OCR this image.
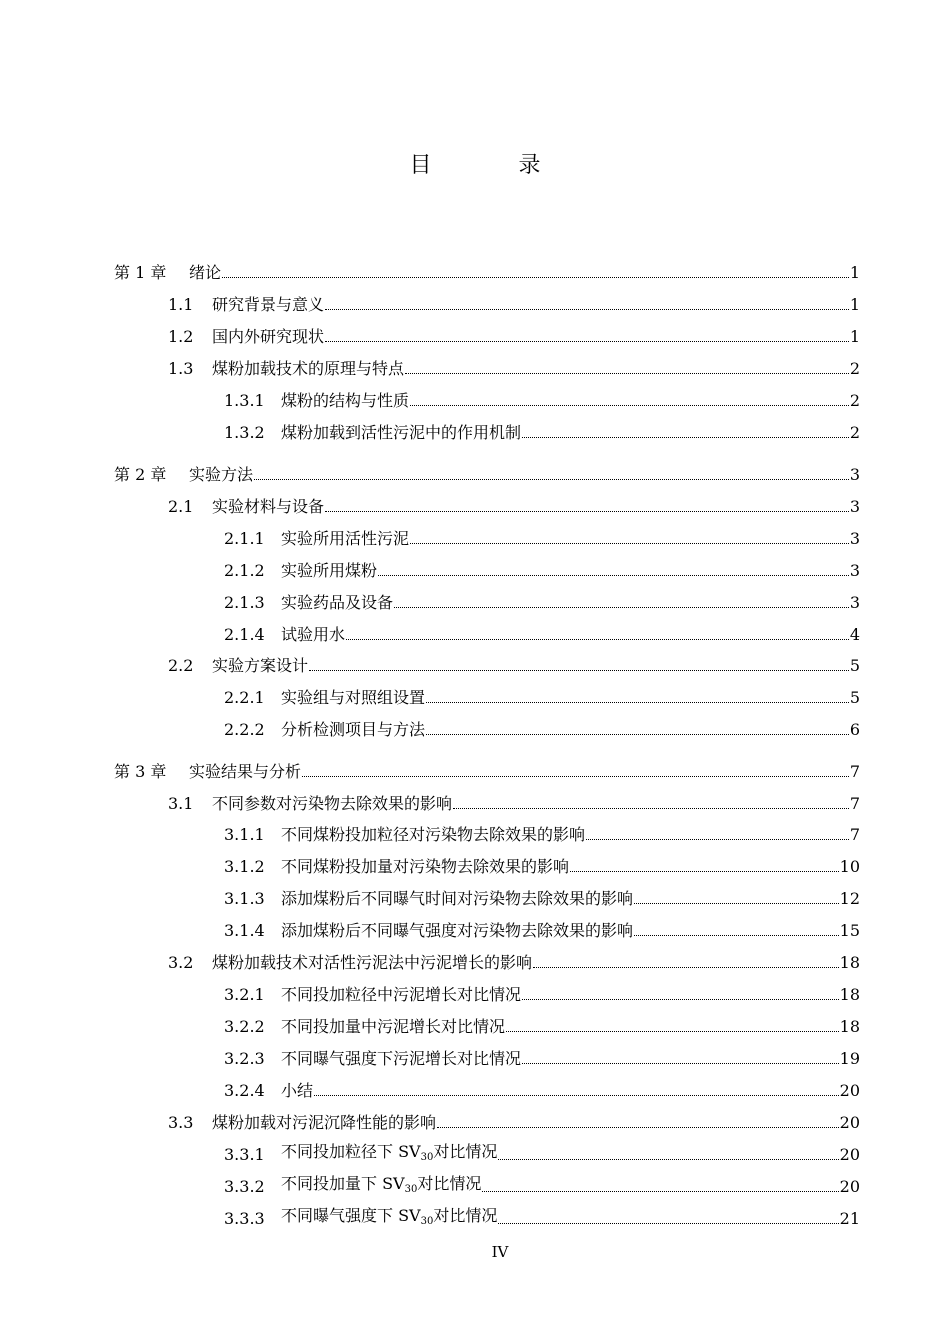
目 录
第 1 章	绪论	1
1.1	研究背景与意义	1
1.2	国内外研究现状	1
1.3	煤粉加载技术的原理与特点	2
1.3.1	煤粉的结构与性质	2
1.3.2	煤粉加载到活性污泥中的作用机制	2
第 2 章	实验方法	3
2.1	实验材料与设备	3
2.1.1	实验所用活性污泥	3
2.1.2	实验所用煤粉	3
2.1.3	实验药品及设备	3
2.1.4	试验用水	4
2.2	实验方案设计	5
2.2.1	实验组与对照组设置	5
2.2.2	分析检测项目与方法	6
第 3 章	实验结果与分析	7
3.1	不同参数对污染物去除效果的影响	7
3.1.1	不同煤粉投加粒径对污染物去除效果的影响	7
3.1.2	不同煤粉投加量对污染物去除效果的影响	10
3.1.3	添加煤粉后不同曝气时间对污染物去除效果的影响	12
3.1.4	添加煤粉后不同曝气强度对污染物去除效果的影响	15
3.2	煤粉加载技术对活性污泥法中污泥增长的影响	18
3.2.1	不同投加粒径中污泥增长对比情况	18
3.2.2	不同投加量中污泥增长对比情况	18
3.2.3	不同曝气强度下污泥增长对比情况	19
3.2.4	小结	20
3.3	煤粉加载对污泥沉降性能的影响	20
3.3.1	不同投加粒径下 SV30对比情况	20
3.3.2	不同投加量下 SV30对比情况	20
3.3.3	不同曝气强度下 SV30对比情况	21
IV
